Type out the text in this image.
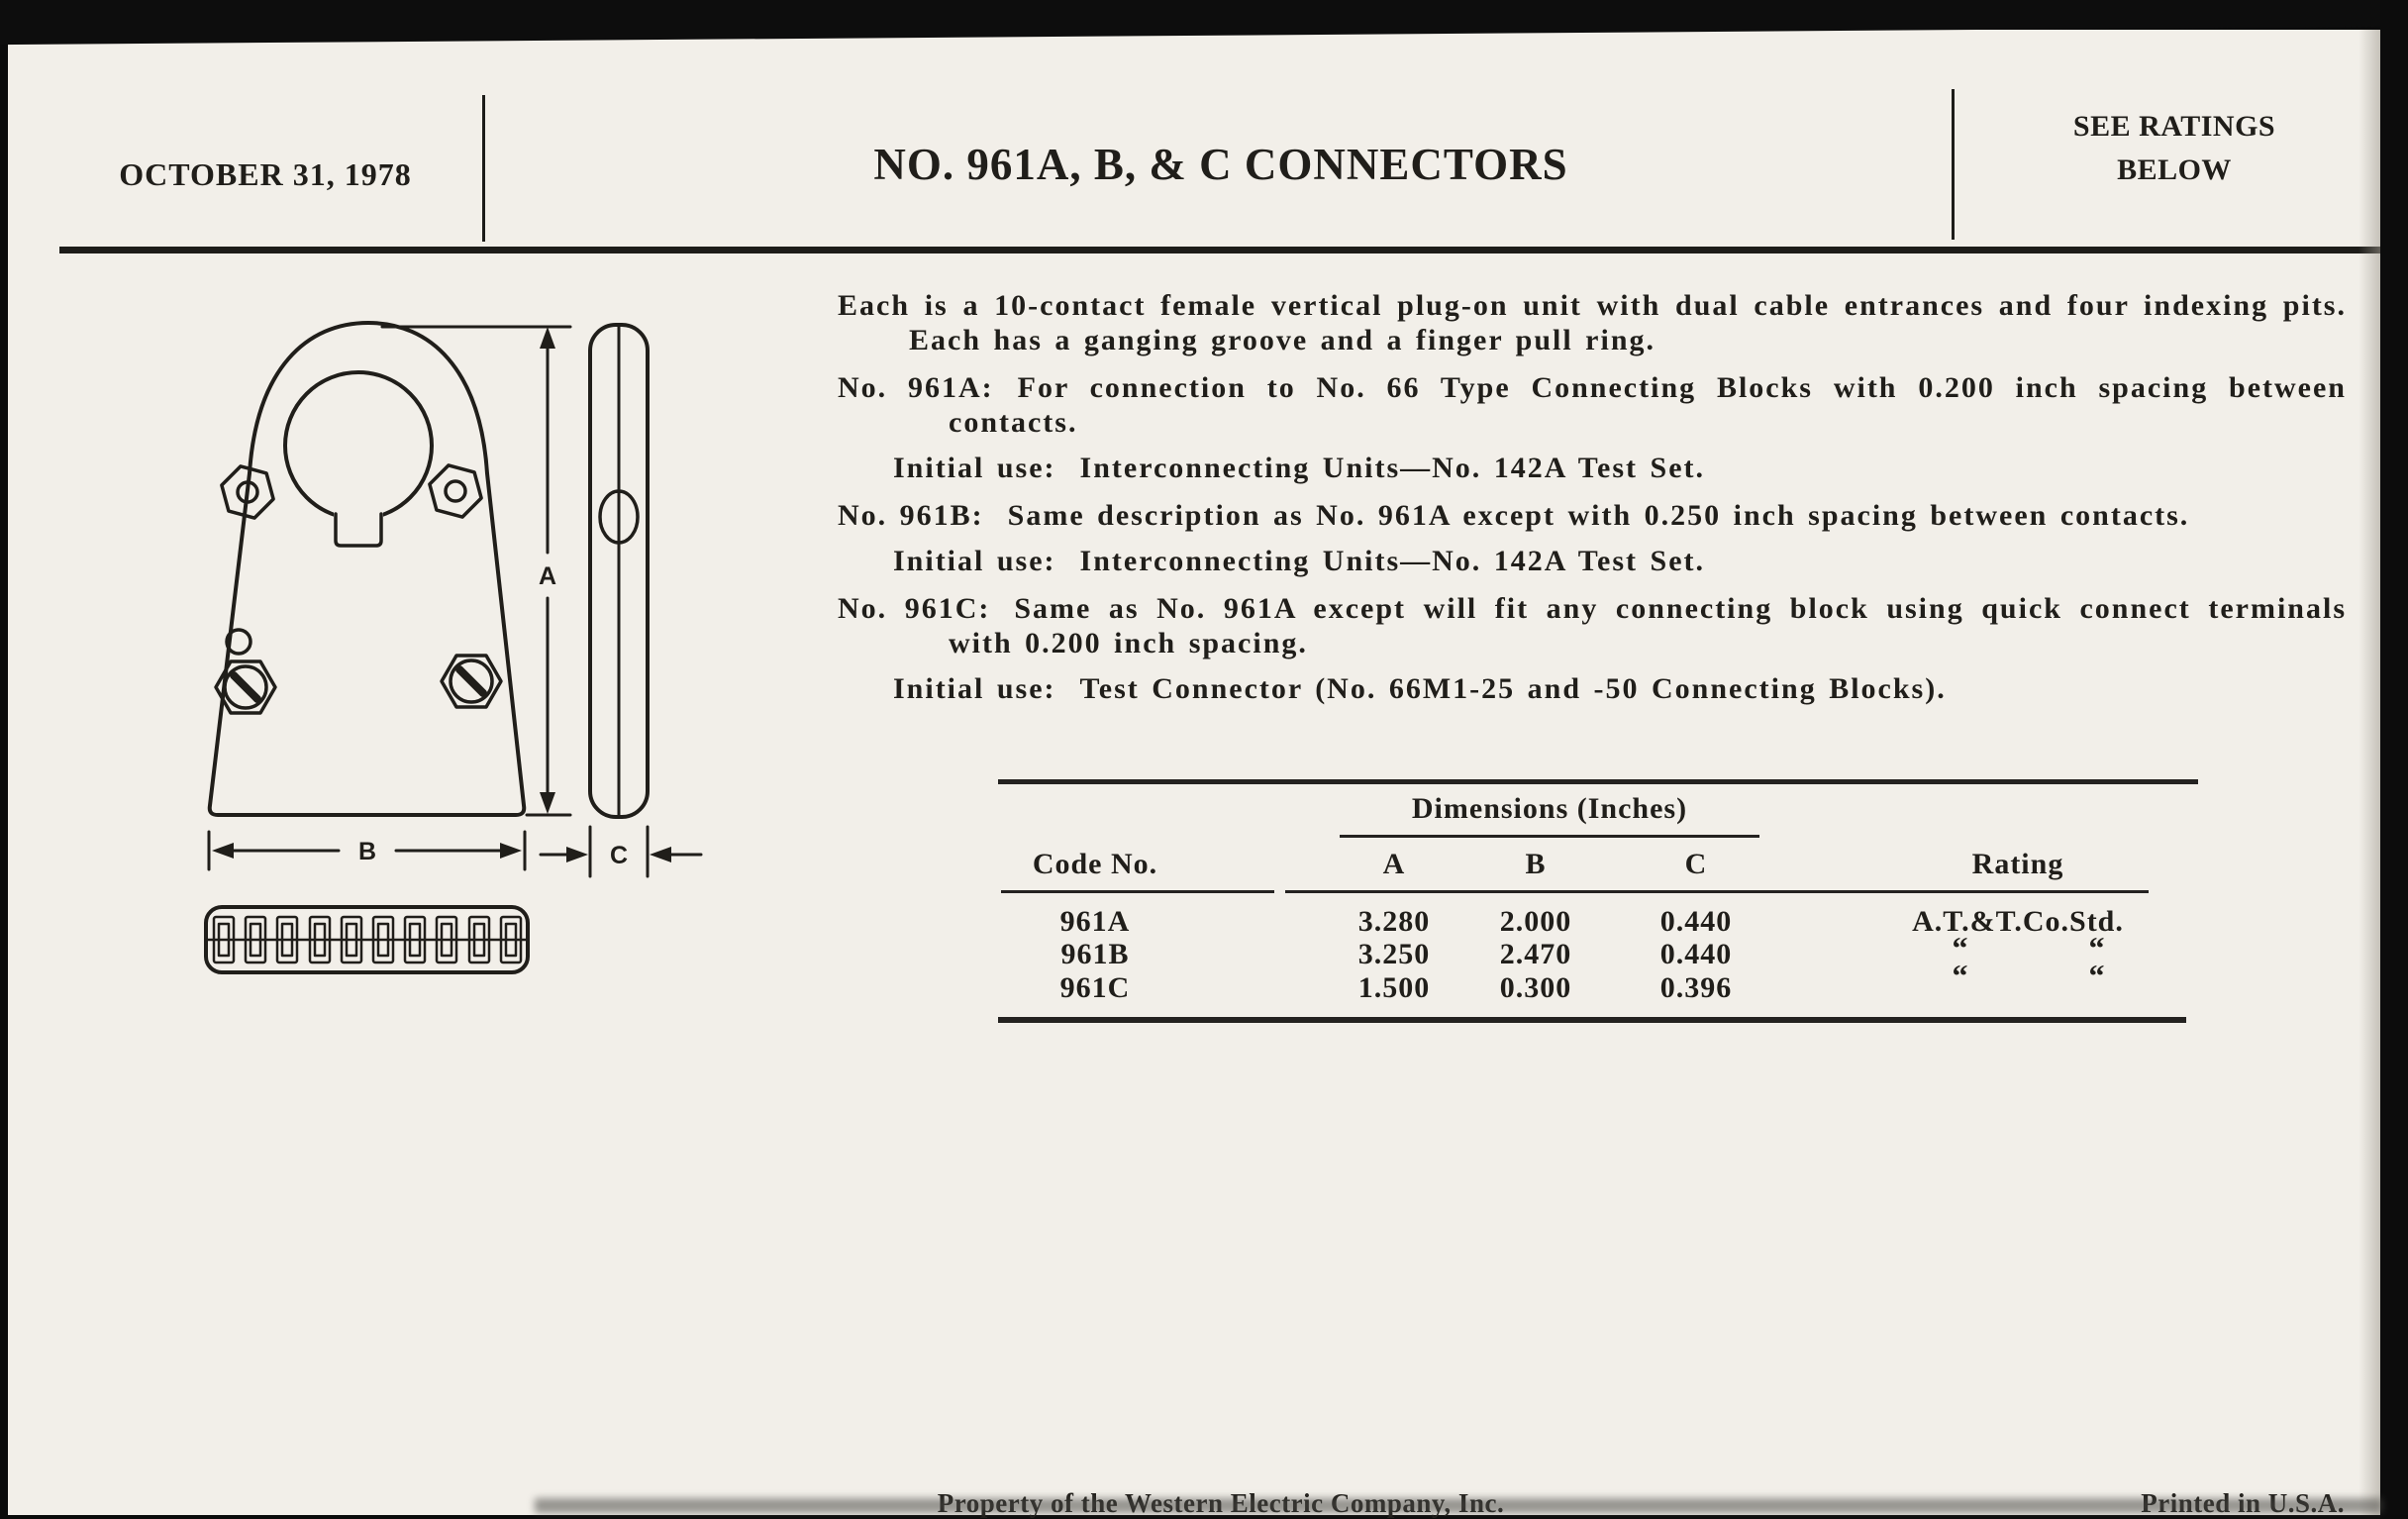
OCTOBER 31, 1978	NO. 961A, B, & C CONNECTORS
SEE RATINGS
BELOW

Each is a 10-contact female vertical plug-on unit with dual cable entrances and four indexing pits. Each has a ganging groove and a finger pull ring.

No. 961A: For connection to No. 66 Type Connecting Blocks with 0.200 inch spacing between contacts.

Initial use: Interconnecting Units—No. 142A Test Set.

No. 961B: Same description as No. 961A except with 0.250 inch spacing between contacts.

Initial use: Interconnecting Units—No. 142A Test Set.

No. 961C: Same as No. 961A except will fit any connecting block using quick connect terminals with 0.200 inch spacing.

Initial use: Test Connector (No. 66M1-25 and -50 Connecting Blocks).

Dimensions (Inches)
Code No.	A	B	C	Rating
961A	3.280 2.000	0.440	A.T.&T.Co.Std.
961B	3.250 2.470	0.440	“	“
961C	1.500 0.300	0.396	“	“
A
B	C
